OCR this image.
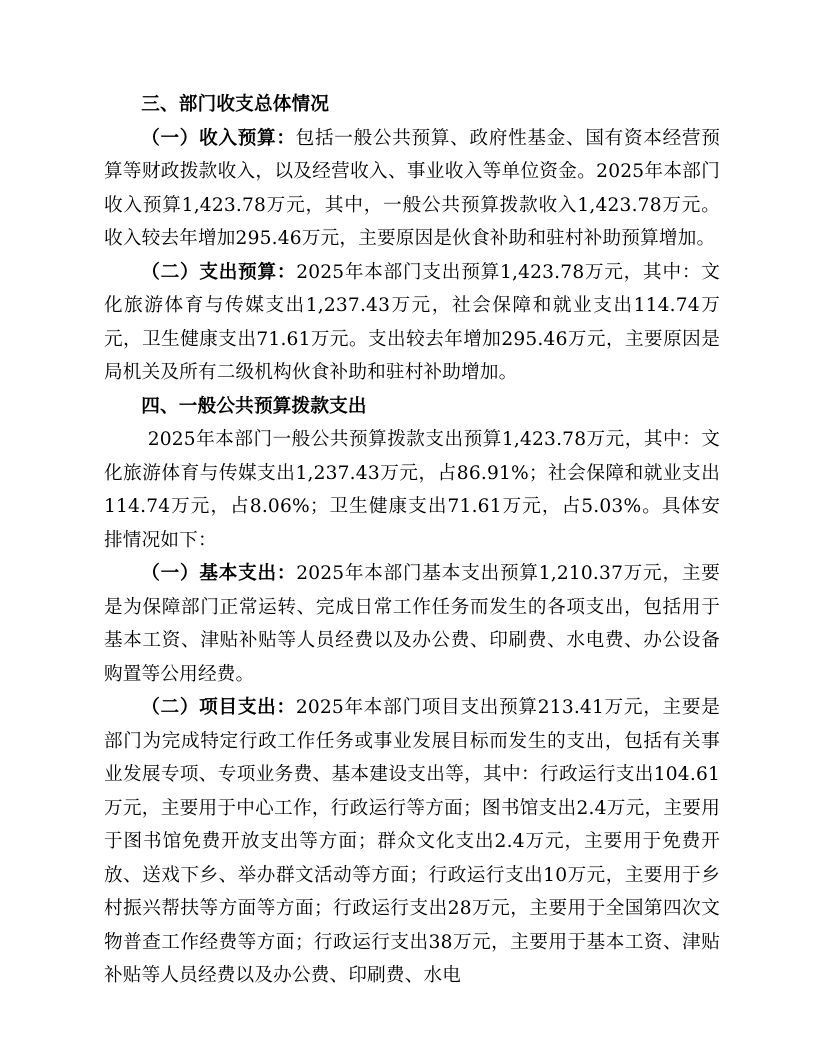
三、部门收支总体情况

（一）收入预算：包括一般公共预算、政府性基金、国有资本经营预算等财政拨款收入，以及经营收入、事业收入等单位资金。2025年本部门收入预算1,423.78万元，其中，一般公共预算拨款收入1,423.78万元。收入较去年增加295.46万元，主要原因是伙食补助和驻村补助预算增加。

（二）支出预算：2025年本部门支出预算1,423.78万元，其中：文化旅游体育与传媒支出1,237.43万元，社会保障和就业支出114.74万元，卫生健康支出71.61万元。支出较去年增加295.46万元，主要原因是局机关及所有二级机构伙食补助和驻村补助增加。

四、一般公共预算拨款支出

2025年本部门一般公共预算拨款支出预算1,423.78万元，其中：文化旅游体育与传媒支出1,237.43万元，占86.91%；社会保障和就业支出114.74万元，占8.06%；卫生健康支出71.61万元，占5.03%。具体安排情况如下：

（一）基本支出：2025年本部门基本支出预算1,210.37万元，主要是为保障部门正常运转、完成日常工作任务而发生的各项支出，包括用于基本工资、津贴补贴等人员经费以及办公费、印刷费、水电费、办公设备购置等公用经费。

（二）项目支出：2025年本部门项目支出预算213.41万元，主要是部门为完成特定行政工作任务或事业发展目标而发生的支出，包括有关事业发展专项、专项业务费、基本建设支出等，其中：行政运行支出104.61万元，主要用于中心工作，行政运行等方面；图书馆支出2.4万元，主要用于图书馆免费开放支出等方面；群众文化支出2.4万元，主要用于免费开放、送戏下乡、举办群文活动等方面；行政运行支出10万元，主要用于乡村振兴帮扶等方面等方面；行政运行支出28万元，主要用于全国第四次文物普查工作经费等方面；行政运行支出38万元，主要用于基本工资、津贴补贴等人员经费以及办公费、印刷费、水电
